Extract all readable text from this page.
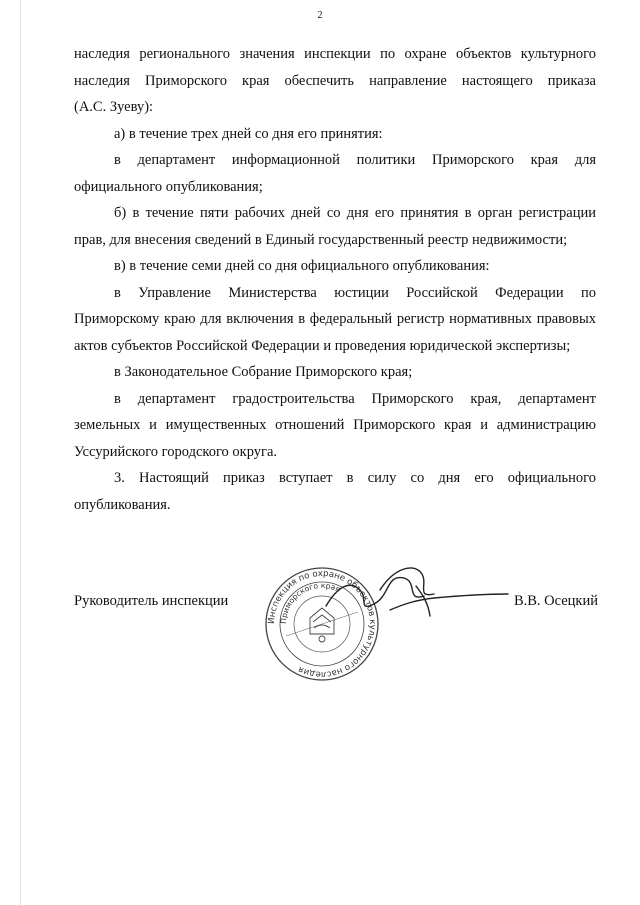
2

наследия регионального значения инспекции по охране объектов культурного

наследия Приморского края обеспечить направление настоящего приказа

(А.С. Зуеву):

а) в течение трех дней со дня его принятия:

в департамент информационной политики Приморского края для официального опубликования;

б) в течение пяти рабочих дней со дня его принятия в орган регистрации прав, для внесения сведений в Единый государственный реестр недвижимости;

в) в течение семи дней со дня официального опубликования:

в Управление Министерства юстиции Российской Федерации по Приморскому краю для включения в федеральный регистр нормативных правовых актов субъектов Российской Федерации и проведения юридической экспертизы;

в Законодательное Собрание Приморского края;

в департамент градостроительства Приморского края, департамент земельных и имущественных отношений Приморского края и администрацию Уссурийского городского округа.

3. Настоящий приказ вступает в силу со дня его официального опубликования.

Руководитель инспекции	В.В. Осецкий
Инспекция по охране объектов культурного наследия
Приморского края
